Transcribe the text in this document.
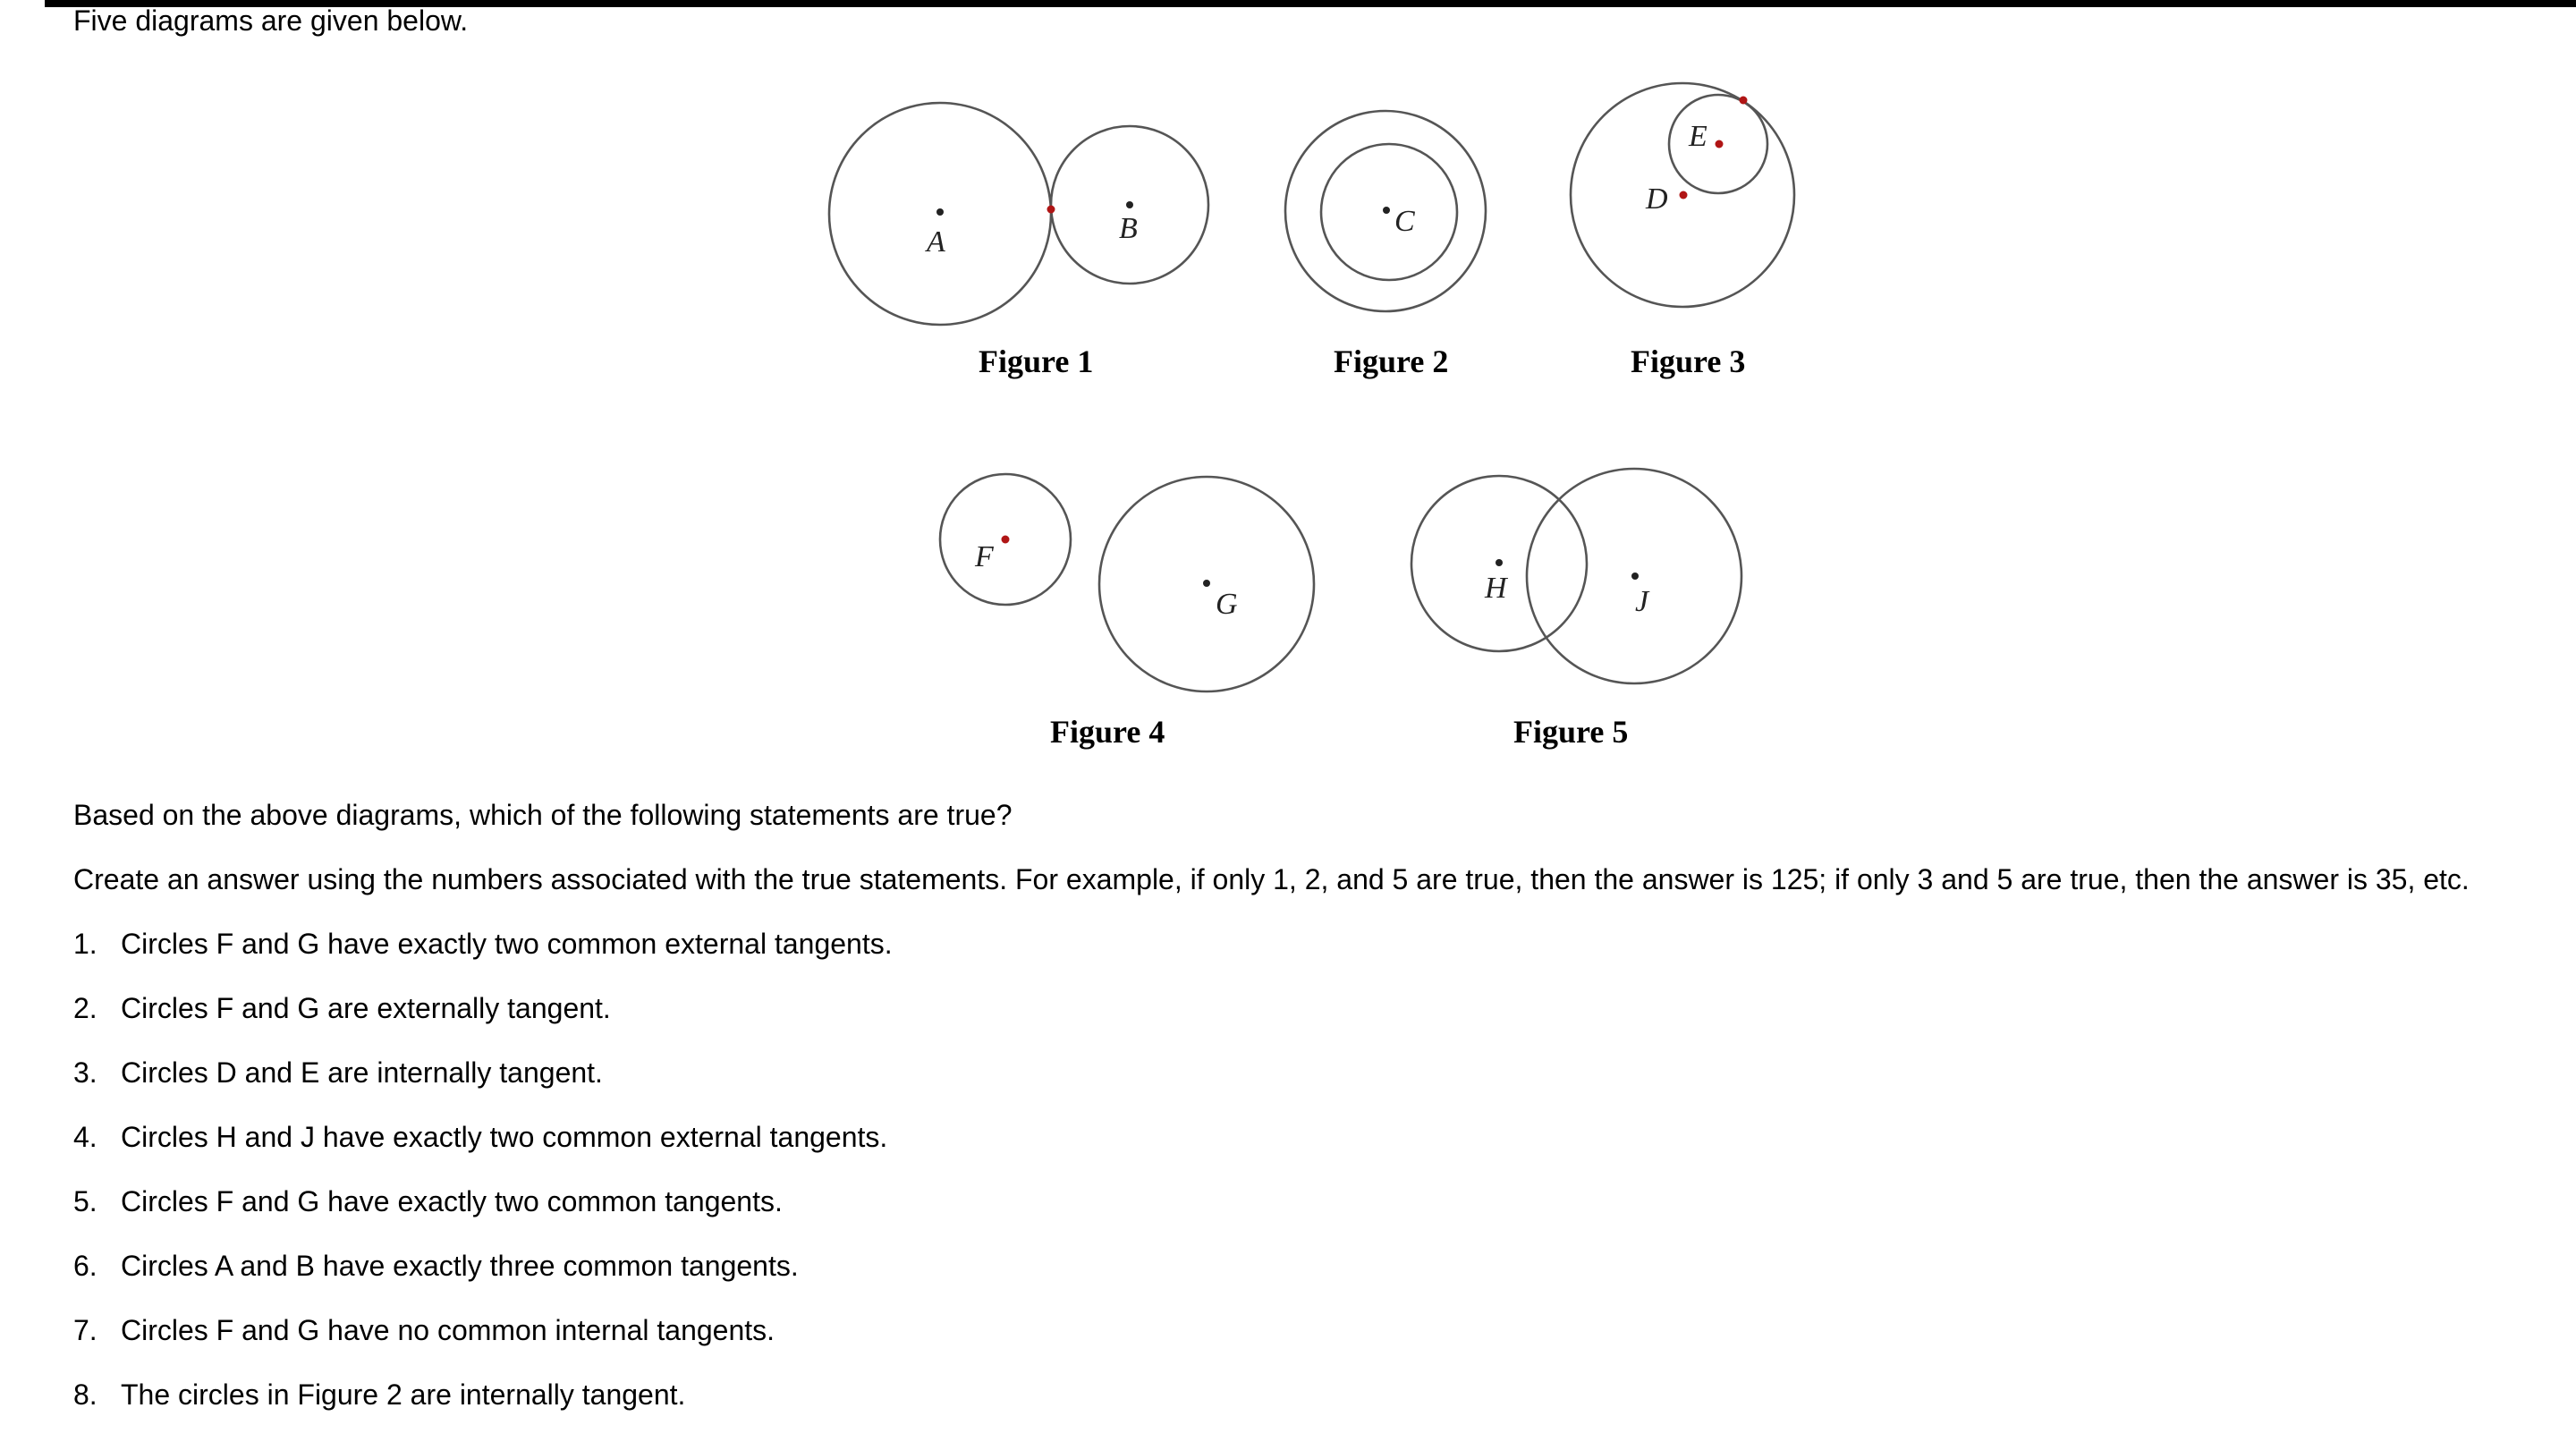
Five diagrams are given below.

A	B
Figure 1
C
Figure 2
E
D
Figure 3
F
G
Figure 4
H	J
Figure 5

Based on the above diagrams, which of the following statements are true?

Create an answer using the numbers associated with the true statements. For example, if only 1, 2, and 5 are true, then the answer is 125; if only 3 and 5 are true, then the answer is 35, etc.

1. Circles F and G have exactly two common external tangents.
2. Circles F and G are externally tangent.
3. Circles D and E are internally tangent.
4. Circles H and J have exactly two common external tangents.
5. Circles F and G have exactly two common tangents.
6. Circles A and B have exactly three common tangents.
7. Circles F and G have no common internal tangents.
8. The circles in Figure 2 are internally tangent.
